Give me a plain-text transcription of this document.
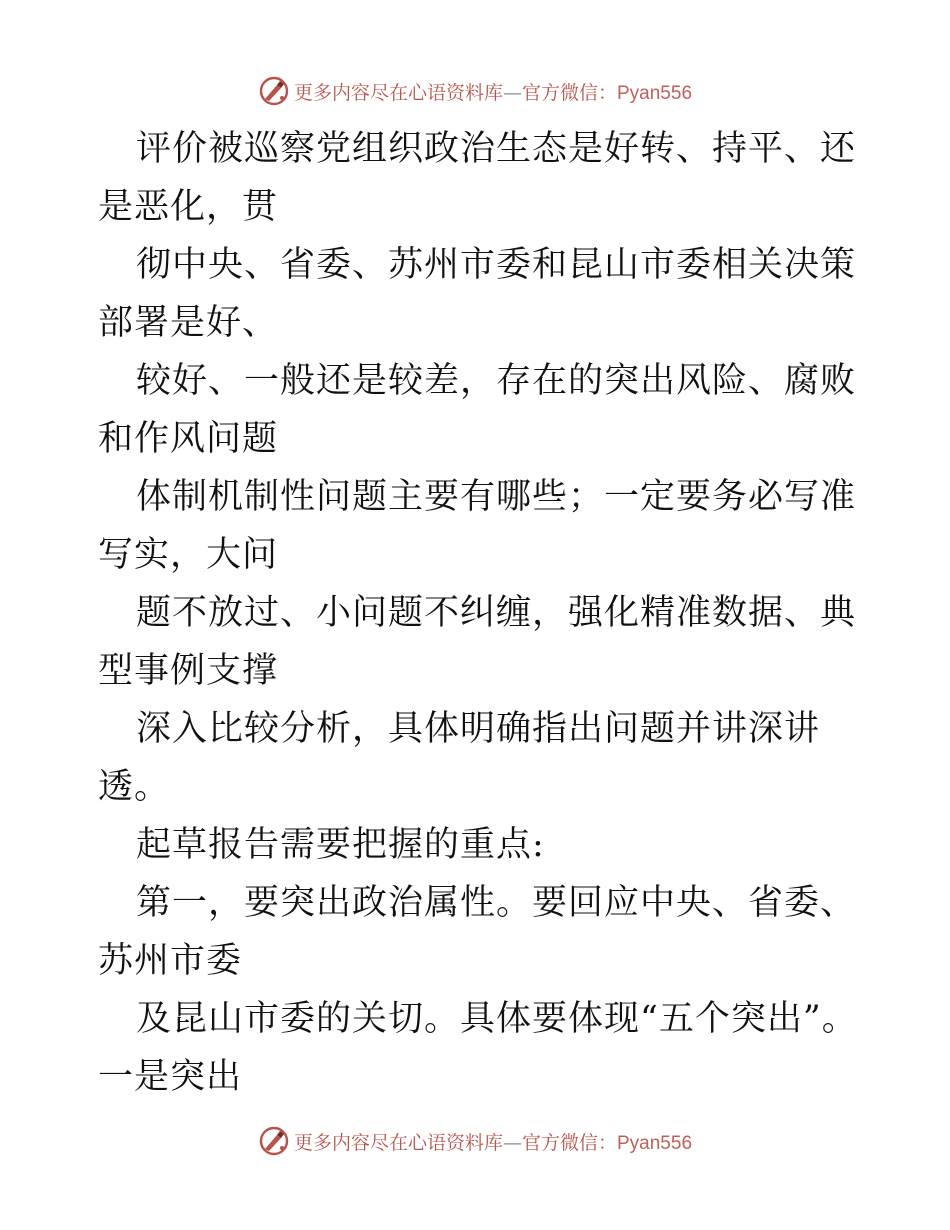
更多内容尽在心语资料库—官方微信：Pyan556

评价被巡察党组织政治生态是好转、持平、还是恶化，贯

彻中央、省委、苏州市委和昆山市委相关决策部署是好、

较好、一般还是较差，存在的突出风险、腐败和作风问题

体制机制性问题主要有哪些；一定要务必写准写实，大问

题不放过、小问题不纠缠，强化精准数据、典型事例支撑

深入比较分析，具体明确指出问题并讲深讲透。

起草报告需要把握的重点:

第一，要突出政治属性。要回应中央、省委、苏州市委

及昆山市委的关切。具体要体现“五个突出”。一是突出

更多内容尽在心语资料库—官方微信：Pyan556
